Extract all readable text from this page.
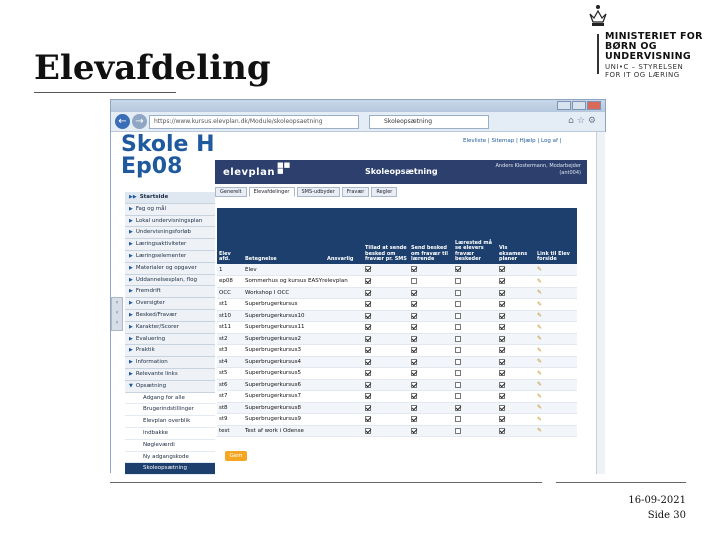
Elevafdeling
MINISTERIET FOR
BØRN OG
UNDERVISNING
UNI•C – STYRELSEN
FOR IT OG LÆRING
← →	https://www.kursus.elevplan.dk/Module/skoleopsaetning	Skoleopsætning	⌂☆⚙
Skole H
Ep08
Elevliste | Sitemap | Hjælp | Log af |
elevplan
■■
■	Skoleopsætning
Anders Klostermann, Modarbejder
(ant004)
Generelt	Elevafdelinger	SMS-udbyder	Fravær	Regler
‹
‹
‹
▶▶ Startside
▶ Fag og mål
▶ Lokal undervisningsplan
▶ Undervisningsforløb
▶ Læringsaktiviteter
▶ Læringselementer
▶ Materialer og opgaver
▶ Uddannelsesplan, flog
▶ Fremdrift
▶ Oversigter
▶ Besked/Fravær
▶ Karakter/Scorer
▶ Evaluering
▶ Praktik
▶ Information
▶ Relevante links
▼ Opsætning
Adgang for alle
Brugerindstillinger
Elevplan overblik
Indbakke
Nøgleværdi
Ny adgangskode
Skoleopsætning
Elev afd.	Betegnelse	Ansvarlig	Tillad at sende besked om fravær pr. SMS	Send besked om fravær til lærende	Lærested må se elevers fravær beskeder	Vis eksamens planer	Link til Elev forside
1	Elev						✎
ep08	Sommerhus og kursus EASYrelevplan						✎
OCC	Workshop I OCC						✎
st1	Superbrugerkursus						✎
st10	Superbrugerkursus10						✎
st11	Superbrugerkursus11						✎
st2	Superbrugerkursus2						✎
st3	Superbrugerkursus3						✎
st4	Superbrugerkursus4						✎
st5	Superbrugerkursus5						✎
st6	Superbrugerkursus6						✎
st7	Superbrugerkursus7						✎
st8	Superbrugerkursus8						✎
st9	Superbrugerkursus9						✎
test	Test af work i Odense						✎
Gem
16-09-2021
Side 30
